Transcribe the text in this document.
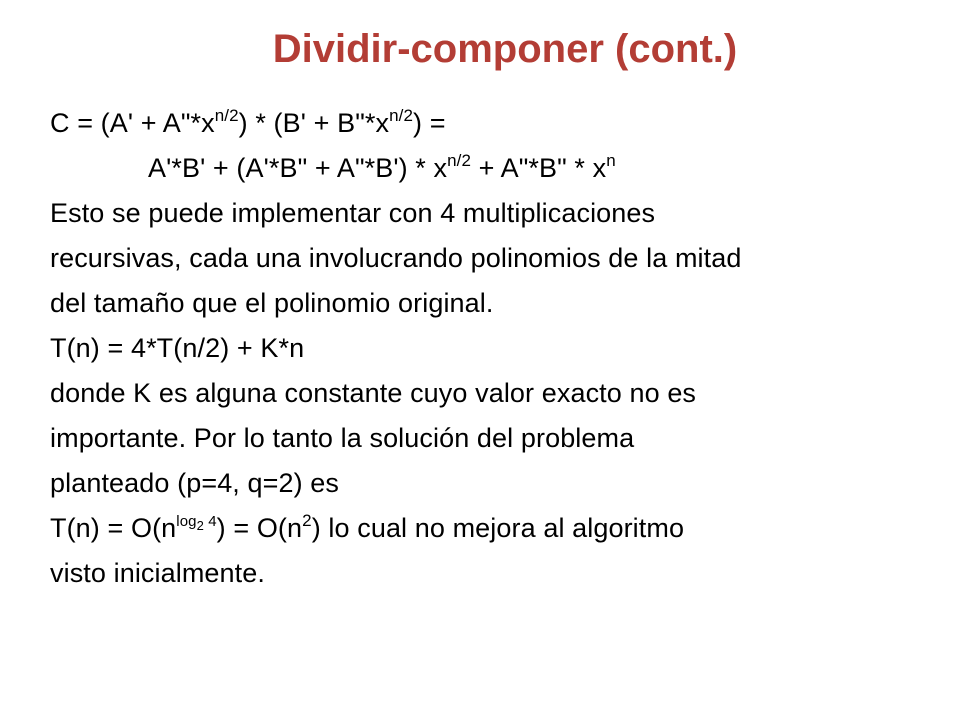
Dividir-componer (cont.)
$C = (A' + A"*x^{n/2}) * (B'$ + $B"*x^{n/2}$) =
A'*B' + (A'*B" + A"*B') * $x^{n/2}$ + A"*B" * $x^n$
Esto se puede implementar con 4 multiplicaciones
recursivas, cada una involucrando polinomios de la mitad
del tamaño que el polinomio original.
T(n) = 4*T(n/2) + K*n
donde K es alguna constante cuyo valor exacto no es
importante. Por lo tanto la solución del problema
planteado (p=4, q=2) es
$T(n) = O(n^{log_2 4}) = O(n^2)$ lo cual no mejora al algoritmo
visto inicialmente.
